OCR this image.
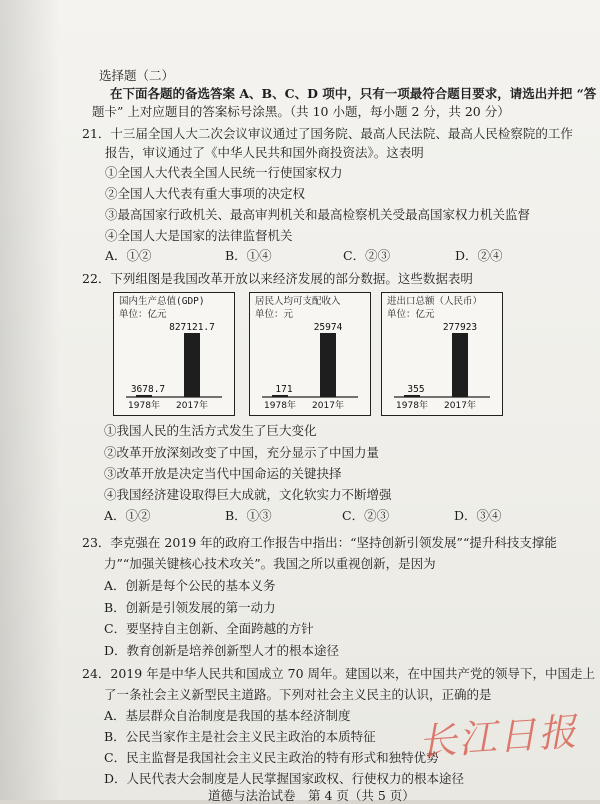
选择题（二）
在下面各题的备选答案 A、B、C、D 项中，只有一项最符合题目要求，请选出并把 “答
题卡” 上对应题目的答案标号涂黑。（共 10 小题，每小题 2 分，共 20 分）
21．十三届全国人大二次会议审议通过了国务院、最高人民法院、最高人民检察院的工作
报告，审议通过了《中华人民共和国外商投资法》。这表明
①全国人大代表全国人民统一行使国家权力
②全国人大代表有重大事项的决定权
③最高国家行政机关、最高审判机关和最高检察机关受最高国家权力机关监督
④全国人大是国家的法律监督机关
A．①②	B．①④	C．②③	D．②④
22．下列组图是我国改革开放以来经济发展的部分数据。这些数据表明
国内生产总值(GDP)
单位：亿元
3678.7
1978年
827121.7
2017年
居民人均可支配收入
单位：元
171
1978年
25974
2017年
进出口总额（人民币）
单位：亿元
355
1978年
277923
2017年
①我国人民的生活方式发生了巨大变化
②改革开放深刻改变了中国，充分显示了中国力量
③改革开放是决定当代中国命运的关键抉择
④我国经济建设取得巨大成就，文化软实力不断增强
A．①②	B．①③	C．②③	D．③④
23．李克强在 2019 年的政府工作报告中指出：“坚持创新引领发展”“提升科技支撑能
力”“加强关键核心技术攻关”。我国之所以重视创新，是因为
A．创新是每个公民的基本义务
B．创新是引领发展的第一动力
C．要坚持自主创新、全面跨越的方针
D．教育创新是培养创新型人才的根本途径
24．2019 年是中华人民共和国成立 70 周年。建国以来，在中国共产党的领导下，中国走上
了一条社会主义新型民主道路。下列对社会主义民主的认识，正确的是
A．基层群众自治制度是我国的基本经济制度
B．公民当家作主是社会主义民主政治的本质特征
C．民主监督是我国社会主义民主政治的特有形式和独特优势
D．人民代表大会制度是人民掌握国家政权、行使权力的根本途径
长江日报
道德与法治试卷　第 4 页（共 5 页）
